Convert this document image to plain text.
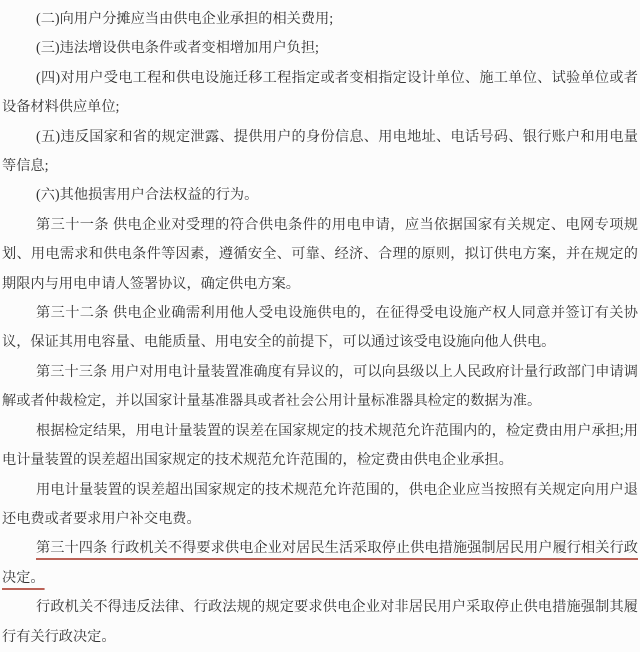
(二)向用户分摊应当由供电企业承担的相关费用;

(三)违法增设供电条件或者变相增加用户负担;

(四)对用户受电工程和供电设施迁移工程指定或者变相指定设计单位、施工单位、试验单位或者设备材料供应单位;

(五)违反国家和省的规定泄露、提供用户的身份信息、用电地址、电话号码、银行账户和用电量等信息;

(六)其他损害用户合法权益的行为。

第三十一条 供电企业对受理的符合供电条件的用电申请，应当依据国家有关规定、电网专项规划、用电需求和供电条件等因素，遵循安全、可靠、经济、合理的原则，拟订供电方案，并在规定的期限内与用电申请人签署协议，确定供电方案。

第三十二条 供电企业确需利用他人受电设施供电的，在征得受电设施产权人同意并签订有关协议，保证其用电容量、电能质量、用电安全的前提下，可以通过该受电设施向他人供电。

第三十三条 用户对用电计量装置准确度有异议的，可以向县级以上人民政府计量行政部门申请调解或者仲裁检定，并以国家计量基准器具或者社会公用计量标准器具检定的数据为准。

根据检定结果，用电计量装置的误差在国家规定的技术规范允许范围内的，检定费由用户承担;用电计量装置的误差超出国家规定的技术规范允许范围的，检定费由供电企业承担。

用电计量装置的误差超出国家规定的技术规范允许范围的，供电企业应当按照有关规定向用户退还电费或者要求用户补交电费。

第三十四条 行政机关不得要求供电企业对居民生活采取停止供电措施强制居民用户履行相关行政决定。

行政机关不得违反法律、行政法规的规定要求供电企业对非居民用户采取停止供电措施强制其履行有关行政决定。
